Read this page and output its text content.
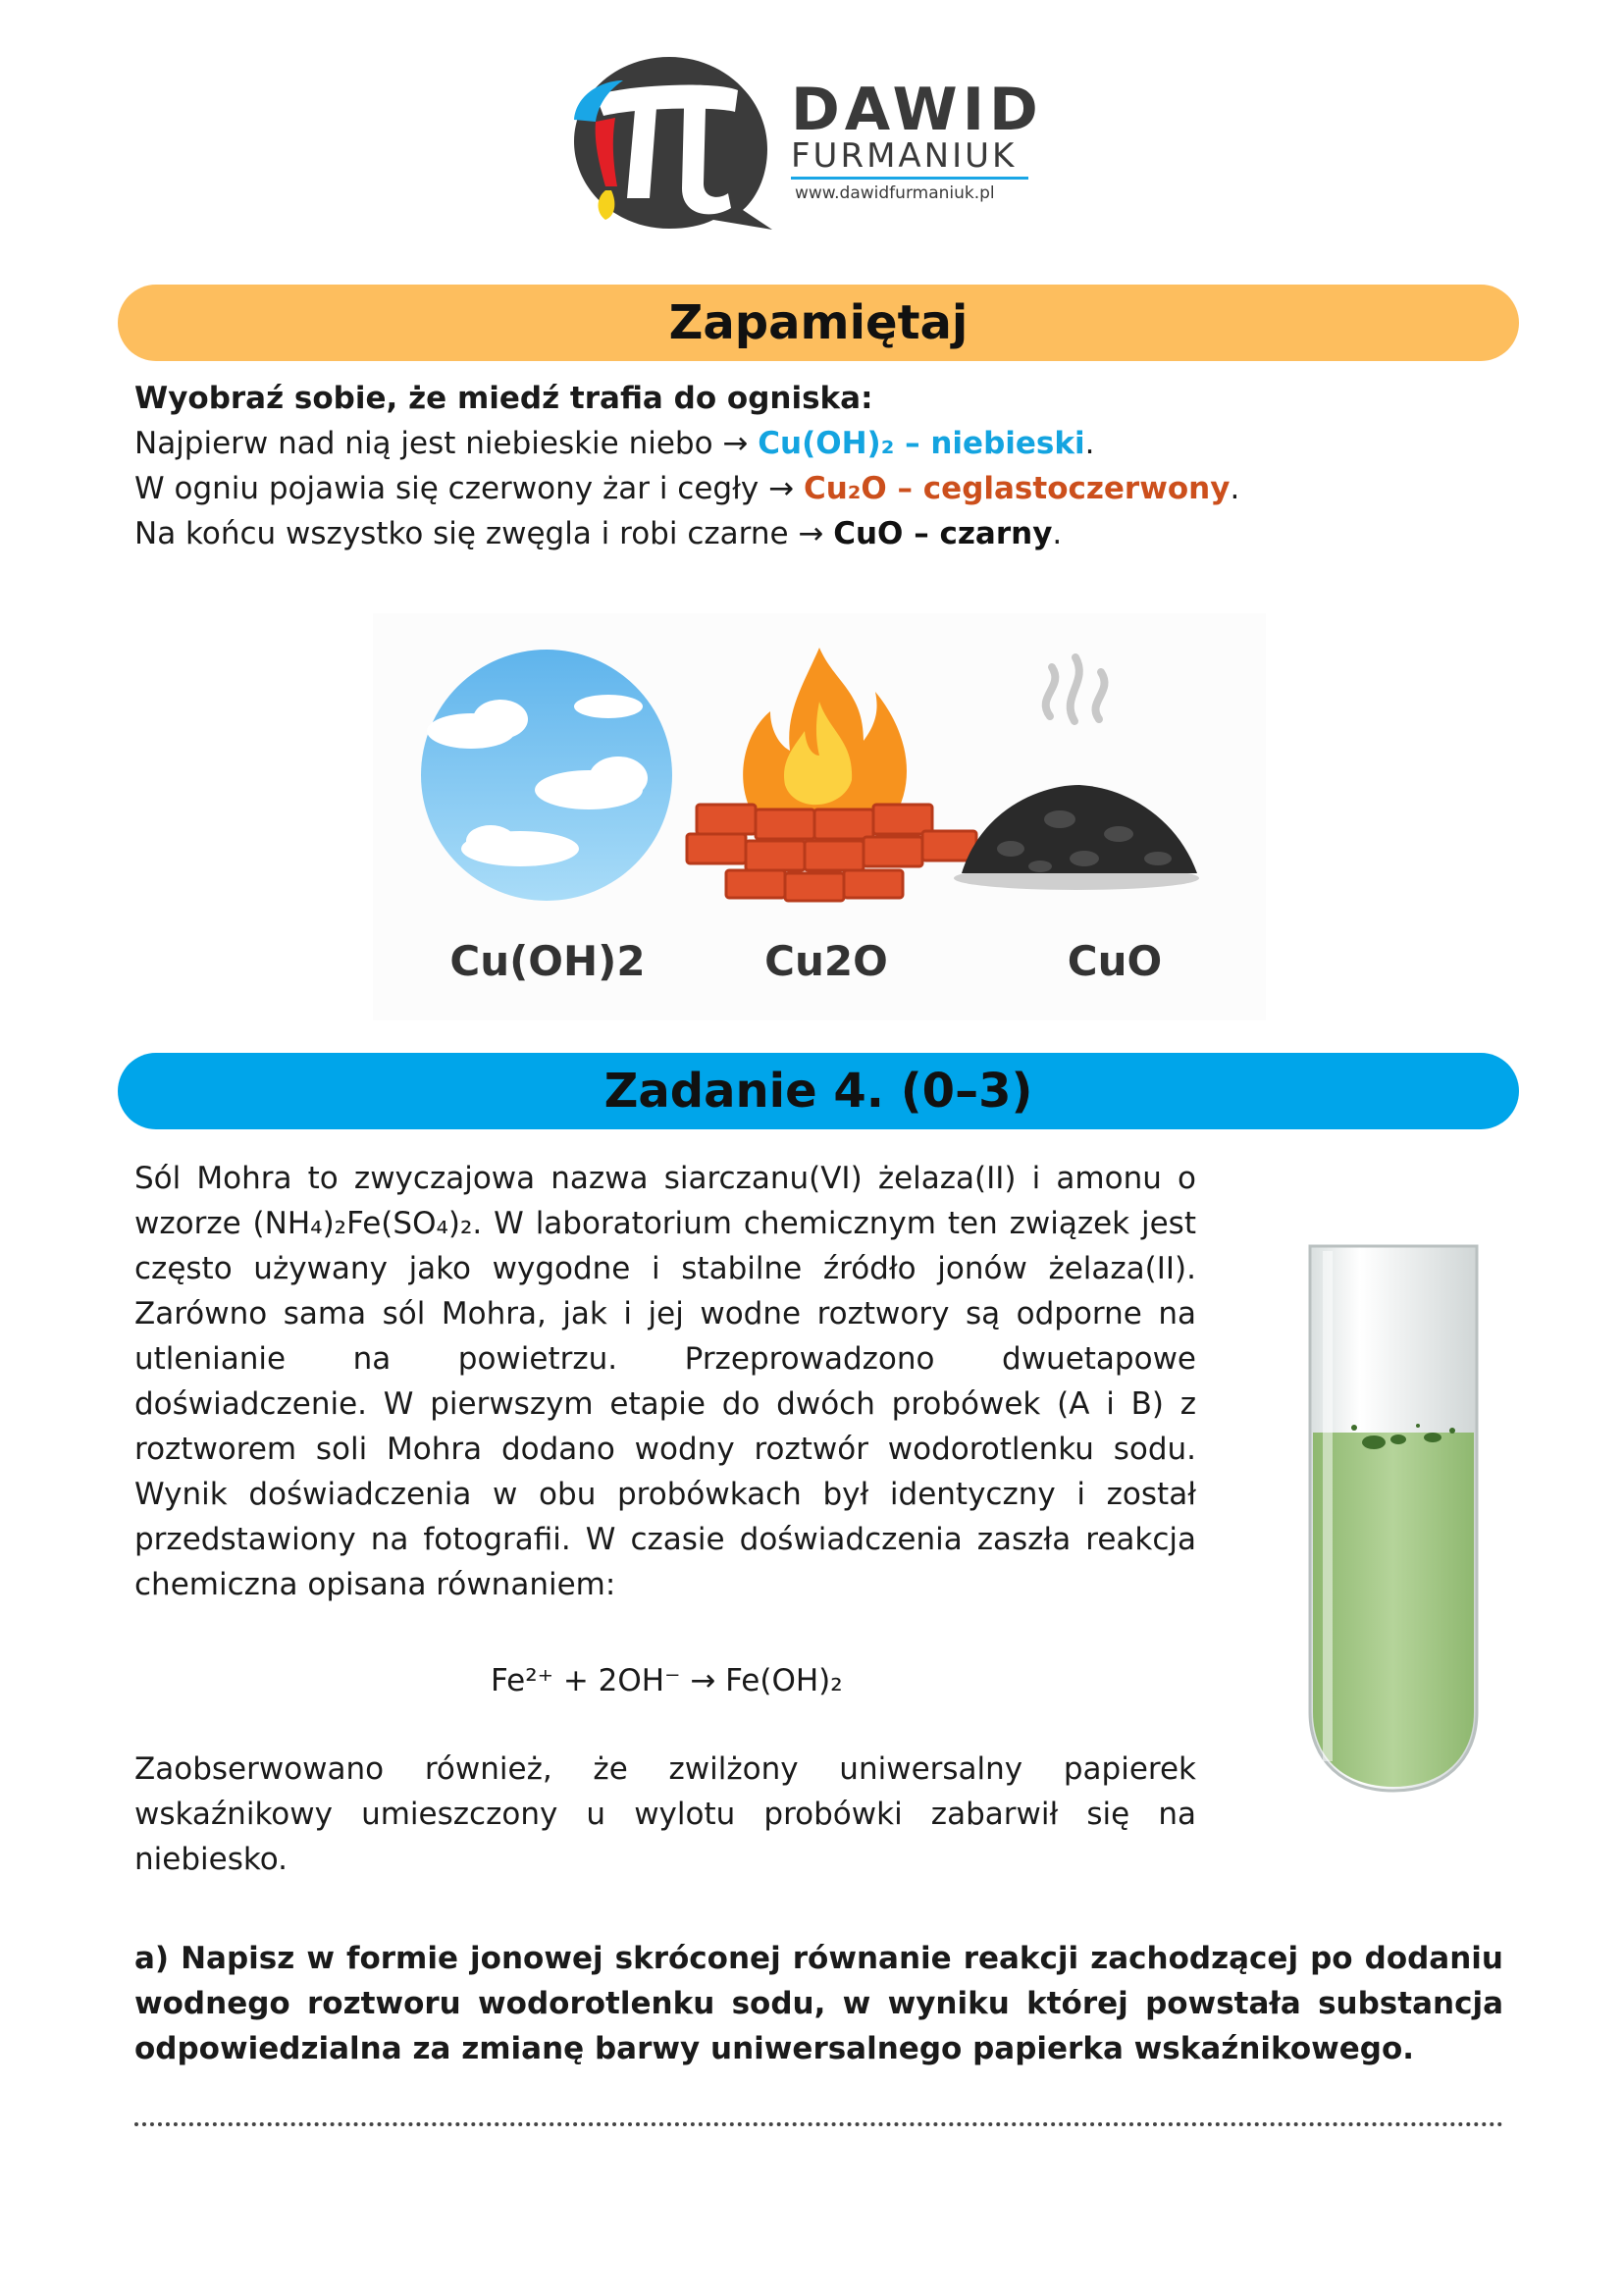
DAWID
FURMANIUK
www.dawidfurmaniuk.pl
Zapamiętaj

Wyobraź sobie, że miedź trafia do ogniska:

Najpierw nad nią jest niebieskie niebo → Cu(OH)₂ – niebieski.

W ogniu pojawia się czerwony żar i cegły → Cu₂O – ceglastoczerwony.

Na końcu wszystko się zwęgla i robi czarne → CuO – czarny.

Cu(OH)2	Cu2O	CuO
Zadanie 4. (0–3)

Sól Mohra to zwyczajowa nazwa siarczanu(VI) żelaza(II) i amonu o wzorze (NH₄)₂Fe(SO₄)₂. W laboratorium chemicznym ten związek jest często używany jako wygodne i stabilne źródło jonów żelaza(II). Zarówno sama sól Mohra, jak i jej wodne roztwory są odporne na utlenianie na powietrzu. Przeprowadzono dwuetapowe doświadczenie. W pierwszym etapie do dwóch probówek (A i B) z roztworem soli Mohra dodano wodny roztwór wodorotlenku sodu. Wynik doświadczenia w obu probówkach był identyczny i został przedstawiony na fotografii. W czasie doświadczenia zaszła reakcja chemiczna opisana równaniem:

Fe²⁺ + 2OH⁻ → Fe(OH)₂
Zaobserwowano również, że zwilżony uniwersalny papierek wskaźnikowy umieszczony u wylotu probówki zabarwił się na niebiesko.
a) Napisz w formie jonowej skróconej równanie reakcji zachodzącej po dodaniu wodnego roztworu wodorotlenku sodu, w wyniku której powstała substancja odpowiedzialna za zmianę barwy uniwersalnego papierka wskaźnikowego.
